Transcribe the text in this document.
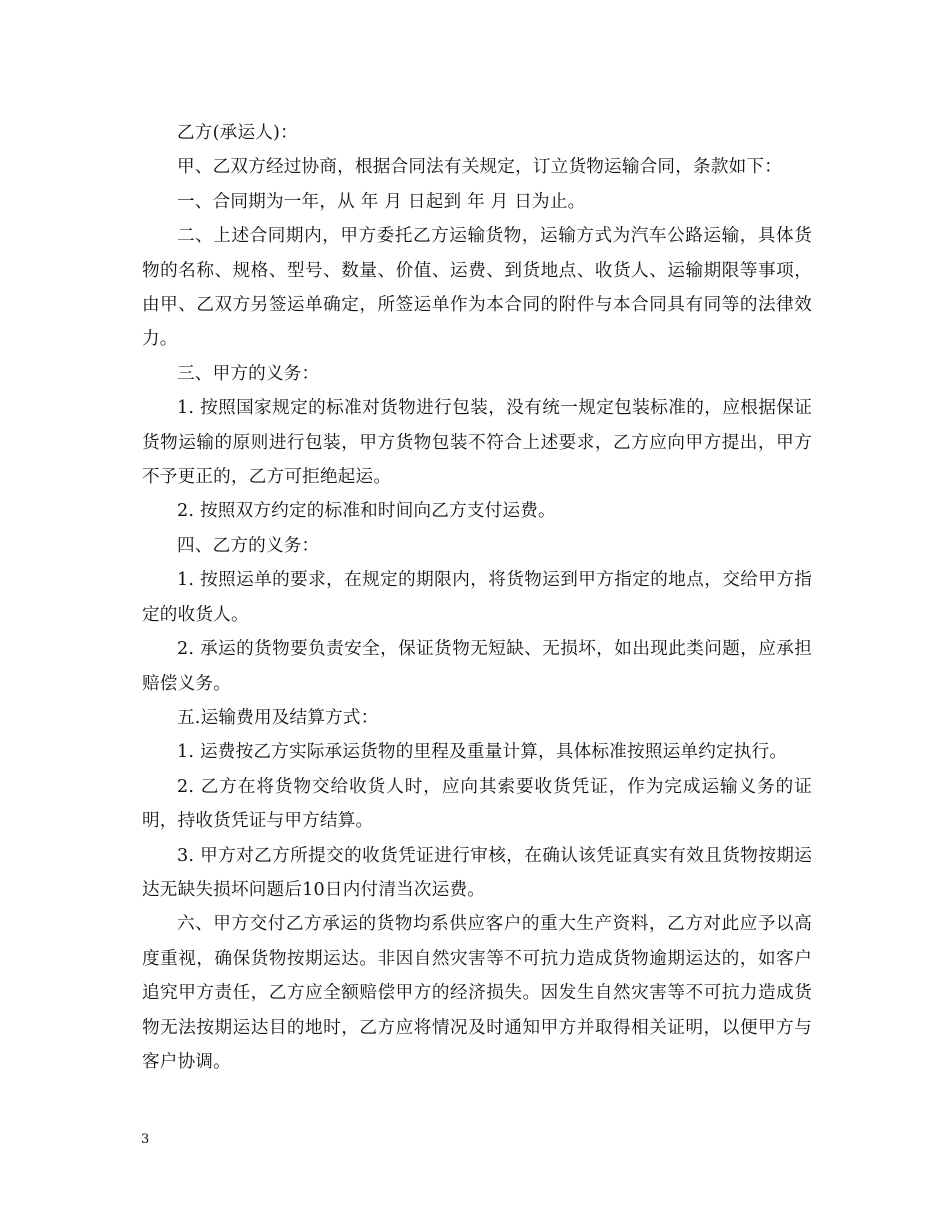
乙方(承运人)：

甲、乙双方经过协商，根据合同法有关规定，订立货物运输合同，条款如下：

一、合同期为一年，从 年 月 日起到 年 月 日为止。

二、上述合同期内，甲方委托乙方运输货物，运输方式为汽车公路运输，具体货物的名称、规格、型号、数量、价值、运费、到货地点、收货人、运输期限等事项，由甲、乙双方另签运单确定，所签运单作为本合同的附件与本合同具有同等的法律效力。

三、甲方的义务：

1. 按照国家规定的标准对货物进行包装，没有统一规定包装标准的，应根据保证货物运输的原则进行包装，甲方货物包装不符合上述要求，乙方应向甲方提出，甲方不予更正的，乙方可拒绝起运。

2. 按照双方约定的标准和时间向乙方支付运费。

四、乙方的义务：

1. 按照运单的要求，在规定的期限内，将货物运到甲方指定的地点，交给甲方指定的收货人。

2. 承运的货物要负责安全，保证货物无短缺、无损坏，如出现此类问题，应承担赔偿义务。

五.运输费用及结算方式：

1. 运费按乙方实际承运货物的里程及重量计算，具体标准按照运单约定执行。

2. 乙方在将货物交给收货人时，应向其索要收货凭证，作为完成运输义务的证明，持收货凭证与甲方结算。

3. 甲方对乙方所提交的收货凭证进行审核，在确认该凭证真实有效且货物按期运达无缺失损坏问题后10日内付清当次运费。

六、甲方交付乙方承运的货物均系供应客户的重大生产资料，乙方对此应予以高度重视，确保货物按期运达。非因自然灾害等不可抗力造成货物逾期运达的，如客户追究甲方责任，乙方应全额赔偿甲方的经济损失。因发生自然灾害等不可抗力造成货物无法按期运达目的地时，乙方应将情况及时通知甲方并取得相关证明，以便甲方与客户协调。

3
